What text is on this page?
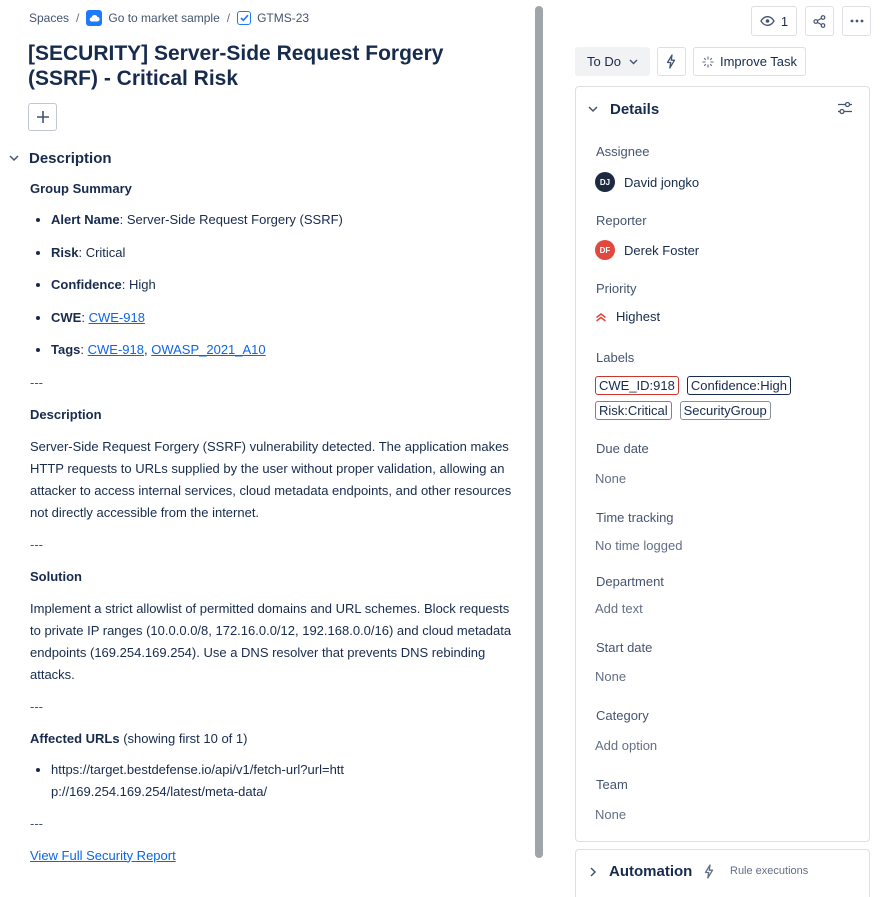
Spaces / Go to market sample / GTMS-23
[SECURITY] Server-Side Request Forgery (SSRF) - Critical Risk
Description

Group Summary

• Alert Name: Server-Side Request Forgery (SSRF)
• Risk: Critical
• Confidence: High
• CWE: CWE-918
• Tags: CWE-918, OWASP_2021_A10

---

Description

Server-Side Request Forgery (SSRF) vulnerability detected. The application makes HTTP requests to URLs supplied by the user without proper validation, allowing an attacker to access internal services, cloud metadata endpoints, and other resources not directly accessible from the internet.

---

Solution

Implement a strict allowlist of permitted domains and URL schemes. Block requests to private IP ranges (10.0.0.0/8, 172.16.0.0/12, 192.168.0.0/16) and cloud metadata endpoints (169.254.169.254). Use a DNS resolver that prevents DNS rebinding attacks.

---

Affected URLs (showing first 10 of 1)

• https://target.bestdefense.io/api/v1/fetch-url?url=http://169.254.169.254/latest/meta-data/

---

View Full Security Report

1
To Do	Improve Task
Details
Assignee
DJ	David jongko
Reporter
DF	Derek Foster
Priority
Highest
Labels
CWE_ID:918	Confidence:High
Risk:Critical	SecurityGroup
Due date
None
Time tracking
No time logged
Department
Add text
Start date
None
Category
Add option
Team
None
Automation	Rule executions
